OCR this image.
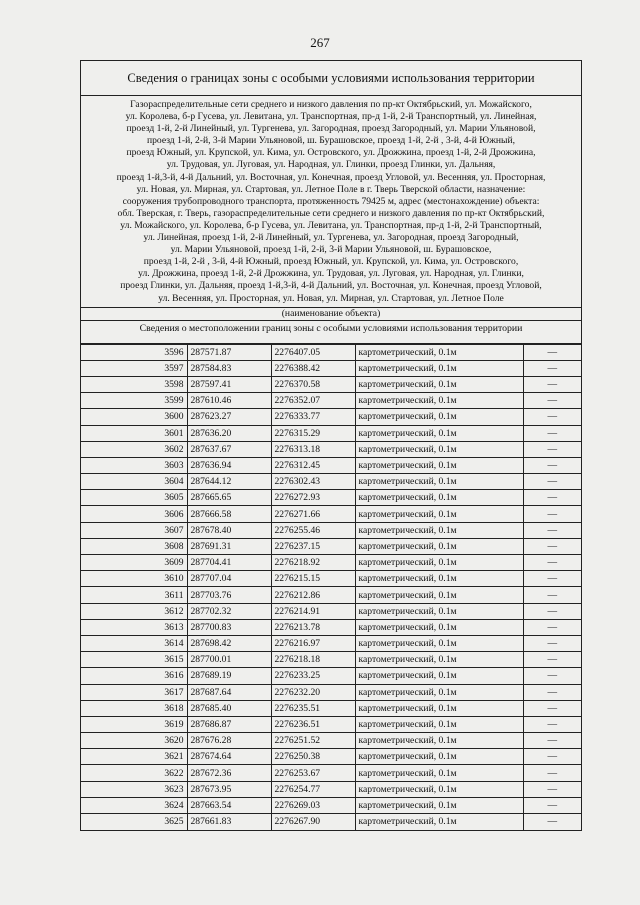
267
Сведения о границах зоны с особыми условиями использования территории
Газораспределительные сети среднего и низкого давления по пр-кт Октябрьский, ул. Можайского,
ул. Королева, б-р Гусева, ул. Левитана, ул. Транспортная, пр-д 1-й, 2-й Транспортный, ул. Линейная,
проезд 1-й, 2-й Линейный, ул. Тургенева, ул. Загородная, проезд Загородный, ул. Марии Ульяновой,
проезд 1-й, 2-й, 3-й Марии Ульяновой, ш. Бурашовское, проезд 1-й, 2-й , 3-й, 4-й Южный,
проезд Южный, ул. Крупской, ул. Кима, ул. Островского, ул. Дрожжина, проезд 1-й, 2-й Дрожжина,
ул. Трудовая, ул. Луговая, ул. Народная, ул. Глинки, проезд Глинки, ул. Дальняя,
проезд 1-й,3-й, 4-й Дальний, ул. Восточная, ул. Конечная, проезд Угловой, ул. Весенняя, ул. Просторная,
ул. Новая, ул. Мирная, ул. Стартовая, ул. Летное Поле в г. Тверь Тверской области, назначение:
сооружения трубопроводного транспорта, протяженность 79425 м, адрес (местонахождение) объекта:
обл. Тверская, г. Тверь, газораспределительные сети среднего и низкого давления по пр-кт Октябрьский,
ул. Можайского, ул. Королева, б-р Гусева, ул. Левитана, ул. Транспортная, пр-д 1-й, 2-й Транспортный,
ул. Линейная, проезд 1-й, 2-й Линейный, ул. Тургенева, ул. Загородная, проезд Загородный,
ул. Марии Ульяновой, проезд 1-й, 2-й, 3-й Марии Ульяновой, ш. Бурашовское,
проезд 1-й, 2-й , 3-й, 4-й Южный, проезд Южный, ул. Крупской, ул. Кима, ул. Островского,
ул. Дрожжина, проезд 1-й, 2-й Дрожжина, ул. Трудовая, ул. Луговая, ул. Народная, ул. Глинки,
проезд Глинки, ул. Дальняя, проезд 1-й,3-й, 4-й Дальний, ул. Восточная, ул. Конечная, проезд Угловой,
ул. Весенняя, ул. Просторная, ул. Новая, ул. Мирная, ул. Стартовая, ул. Летное Поле
(наименование объекта)
Сведения о местоположении границ зоны с особыми условиями использования территории
3596	287571.87	2276407.05	картометрический, 0.1м	—
3597	287584.83	2276388.42	картометрический, 0.1м	—
3598	287597.41	2276370.58	картометрический, 0.1м	—
3599	287610.46	2276352.07	картометрический, 0.1м	—
3600	287623.27	2276333.77	картометрический, 0.1м	—
3601	287636.20	2276315.29	картометрический, 0.1м	—
3602	287637.67	2276313.18	картометрический, 0.1м	—
3603	287636.94	2276312.45	картометрический, 0.1м	—
3604	287644.12	2276302.43	картометрический, 0.1м	—
3605	287665.65	2276272.93	картометрический, 0.1м	—
3606	287666.58	2276271.66	картометрический, 0.1м	—
3607	287678.40	2276255.46	картометрический, 0.1м	—
3608	287691.31	2276237.15	картометрический, 0.1м	—
3609	287704.41	2276218.92	картометрический, 0.1м	—
3610	287707.04	2276215.15	картометрический, 0.1м	—
3611	287703.76	2276212.86	картометрический, 0.1м	—
3612	287702.32	2276214.91	картометрический, 0.1м	—
3613	287700.83	2276213.78	картометрический, 0.1м	—
3614	287698.42	2276216.97	картометрический, 0.1м	—
3615	287700.01	2276218.18	картометрический, 0.1м	—
3616	287689.19	2276233.25	картометрический, 0.1м	—
3617	287687.64	2276232.20	картометрический, 0.1м	—
3618	287685.40	2276235.51	картометрический, 0.1м	—
3619	287686.87	2276236.51	картометрический, 0.1м	—
3620	287676.28	2276251.52	картометрический, 0.1м	—
3621	287674.64	2276250.38	картометрический, 0.1м	—
3622	287672.36	2276253.67	картометрический, 0.1м	—
3623	287673.95	2276254.77	картометрический, 0.1м	—
3624	287663.54	2276269.03	картометрический, 0.1м	—
3625	287661.83	2276267.90	картометрический, 0.1м	—
